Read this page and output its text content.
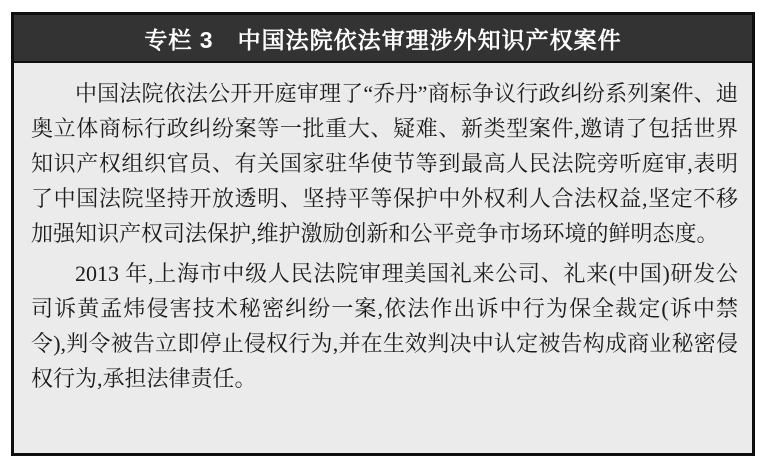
专栏 3 中国法院依法审理涉外知识产权案件

中国法院依法公开开庭审理了“乔丹”商标争议行政纠纷系列案件、迪奥立体商标行政纠纷案等一批重大、疑难、新类型案件,邀请了包括世界知识产权组织官员、有关国家驻华使节等到最高人民法院旁听庭审,表明了中国法院坚持开放透明、坚持平等保护中外权利人合法权益,坚定不移加强知识产权司法保护,维护激励创新和公平竞争市场环境的鲜明态度。

2013 年,上海市中级人民法院审理美国礼来公司、礼来(中国)研发公司诉黄孟炜侵害技术秘密纠纷一案,依法作出诉中行为保全裁定(诉中禁令),判令被告立即停止侵权行为,并在生效判决中认定被告构成商业秘密侵权行为,承担法律责任。
